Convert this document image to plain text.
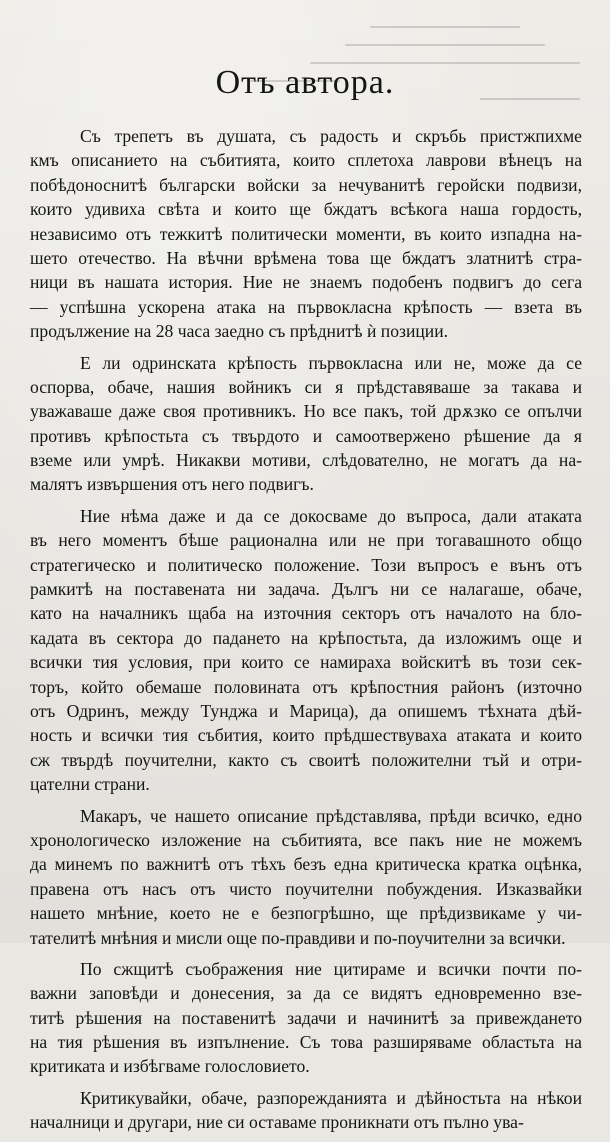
Отъ автора.
Съ трепетъ въ душата, съ радость и скръбь пристжпихме
кмъ описанието на събитията, които сплетоха лаврови вѣнецъ на
побѣдоноснитѣ български войски за нечуванитѣ геройски подвизи,
които удивиха свѣта и които ще бждатъ всѣкога наша гордость,
независимо отъ тежкитѣ политически моменти, въ които изпадна на-
шето отечество. На вѣчни врѣмена това ще бждатъ златнитѣ стра-
ници въ нашата история. Ние не знаемъ подобенъ подвигъ до сега
— успѣшна ускорена атака на първокласна крѣпость — взета въ
продължение на 28 часа заедно съ прѣднитѣ ѝ позиции.
Е ли одринската крѣпость първокласна или не, може да се
оспорва, обаче, нашия войникъ си я прѣдставяваше за такава и
уважаваше даже своя противникъ. Но все пакъ, той дрѫзко се опълчи
противъ крѣпостьта съ твърдото и самоотвержено рѣшение да я
вземе или умрѣ. Никакви мотиви, слѣдователно, не могатъ да на-
малятъ извършения отъ него подвигъ.
Ние нѣма даже и да се докосваме до въпроса, дали атаката
въ него моментъ бѣше рационална или не при тогавашното общо
стратегическо и политическо положение. Този въпросъ е вънъ отъ
рамкитѣ на поставената ни задача. Дългъ ни се налагаше, обаче,
като на началникъ щаба на източния секторъ отъ началото на бло-
кадата въ сектора до падането на крѣпостьта, да изложимъ още и
всички тия условия, при които се намираха войскитѣ въ този сек-
торъ, който обемаше половината отъ крѣпостния районъ (източно
отъ Одринъ, между Тунджа и Марица), да опишемъ тѣхната дѣй-
ность и всички тия събития, които прѣдшествуваха атаката и които
сж твърдѣ поучителни, както съ своитѣ положителни тъй и отри-
цателни страни.
Макаръ, че нашето описание прѣдставлява, прѣди всичко, едно
хронологическо изложение на събитията, все пакъ ние не можемъ
да минемъ по важнитѣ отъ тѣхъ безъ една критическа кратка оцѣнка,
правена отъ насъ отъ чисто поучителни побуждения. Изказвайки
нашето мнѣние, което не е безпогрѣшно, ще прѣдизвикаме у чи-
тателитѣ мнѣния и мисли още по-правдиви и по-поучителни за всички.
По сжщитѣ съображения ние цитираме и всички почти по-
важни заповѣди и донесения, за да се видятъ едновременно взе-
титѣ рѣшения на поставенитѣ задачи и начинитѣ за привеждането
на тия рѣшения въ изпълнение. Съ това разширяваме областьта на
критиката и избѣгваме голословието.
Критикувайки, обаче, разпорежданията и дѣйностьта на нѣкои
началници и другари, ние си оставаме проникнати отъ пълно ува-
